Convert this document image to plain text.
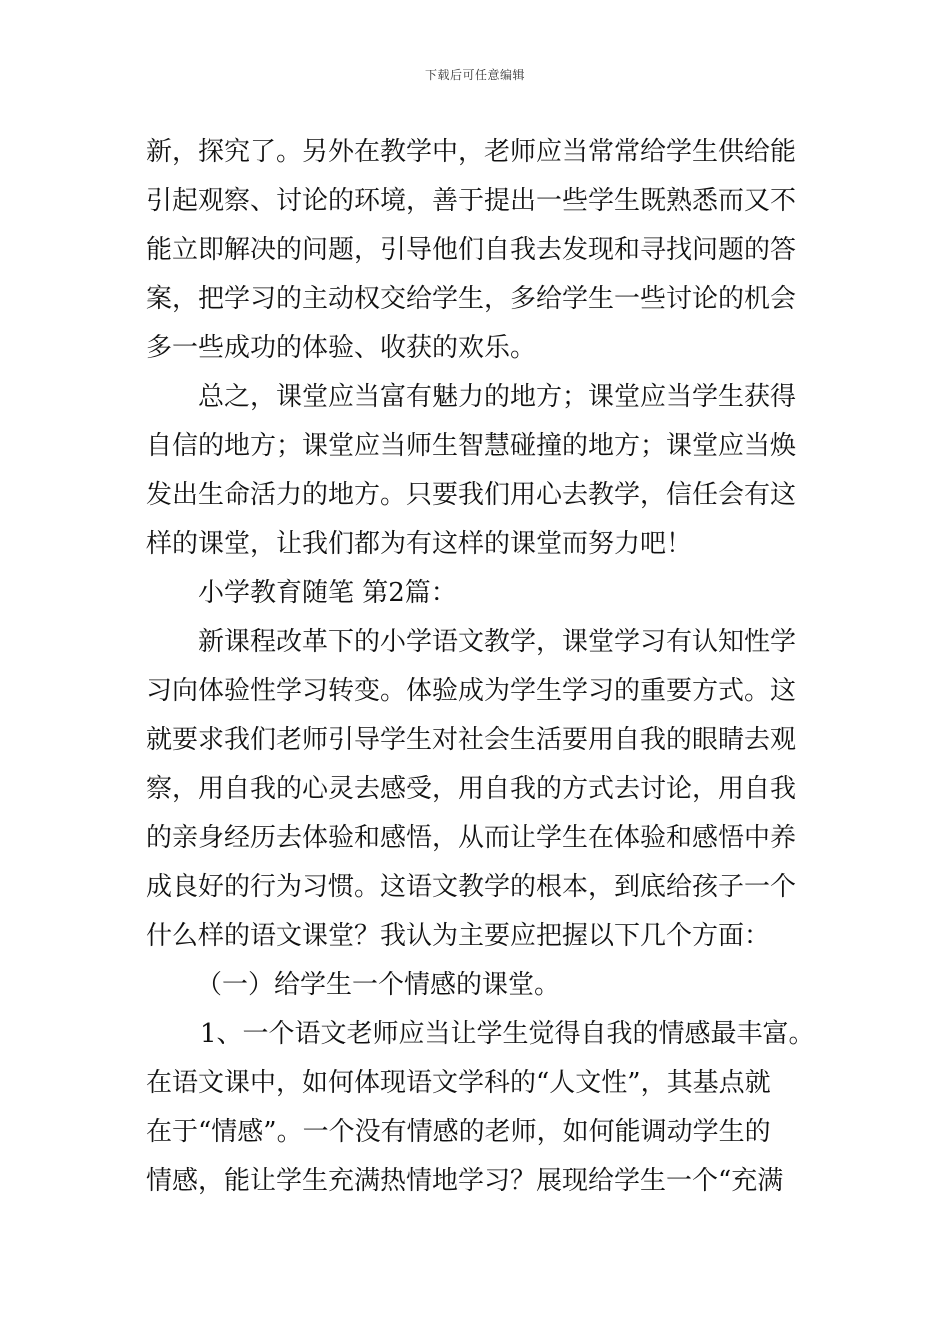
下载后可任意编辑
新，探究了。另外在教学中，老师应当常常给学生供给能
引起观察、讨论的环境，善于提出一些学生既熟悉而又不
能立即解决的问题，引导他们自我去发现和寻找问题的答
案，把学习的主动权交给学生，多给学生一些讨论的机会
多一些成功的体验、收获的欢乐。
总之，课堂应当富有魅力的地方；课堂应当学生获得
自信的地方；课堂应当师生智慧碰撞的地方；课堂应当焕
发出生命活力的地方。只要我们用心去教学，信任会有这
样的课堂，让我们都为有这样的课堂而努力吧！
小学教育随笔 第2篇：
新课程改革下的小学语文教学，课堂学习有认知性学
习向体验性学习转变。体验成为学生学习的重要方式。这
就要求我们老师引导学生对社会生活要用自我的眼睛去观
察，用自我的心灵去感受，用自我的方式去讨论，用自我
的亲身经历去体验和感悟，从而让学生在体验和感悟中养
成良好的行为习惯。这语文教学的根本，到底给孩子一个
什么样的语文课堂？我认为主要应把握以下几个方面：
（一）给学生一个情感的课堂。
1、一个语文老师应当让学生觉得自我的情感最丰富。
在语文课中，如何体现语文学科的“人文性”，其基点就
在于“情感”。一个没有情感的老师，如何能调动学生的
情感，能让学生充满热情地学习？展现给学生一个“充满
